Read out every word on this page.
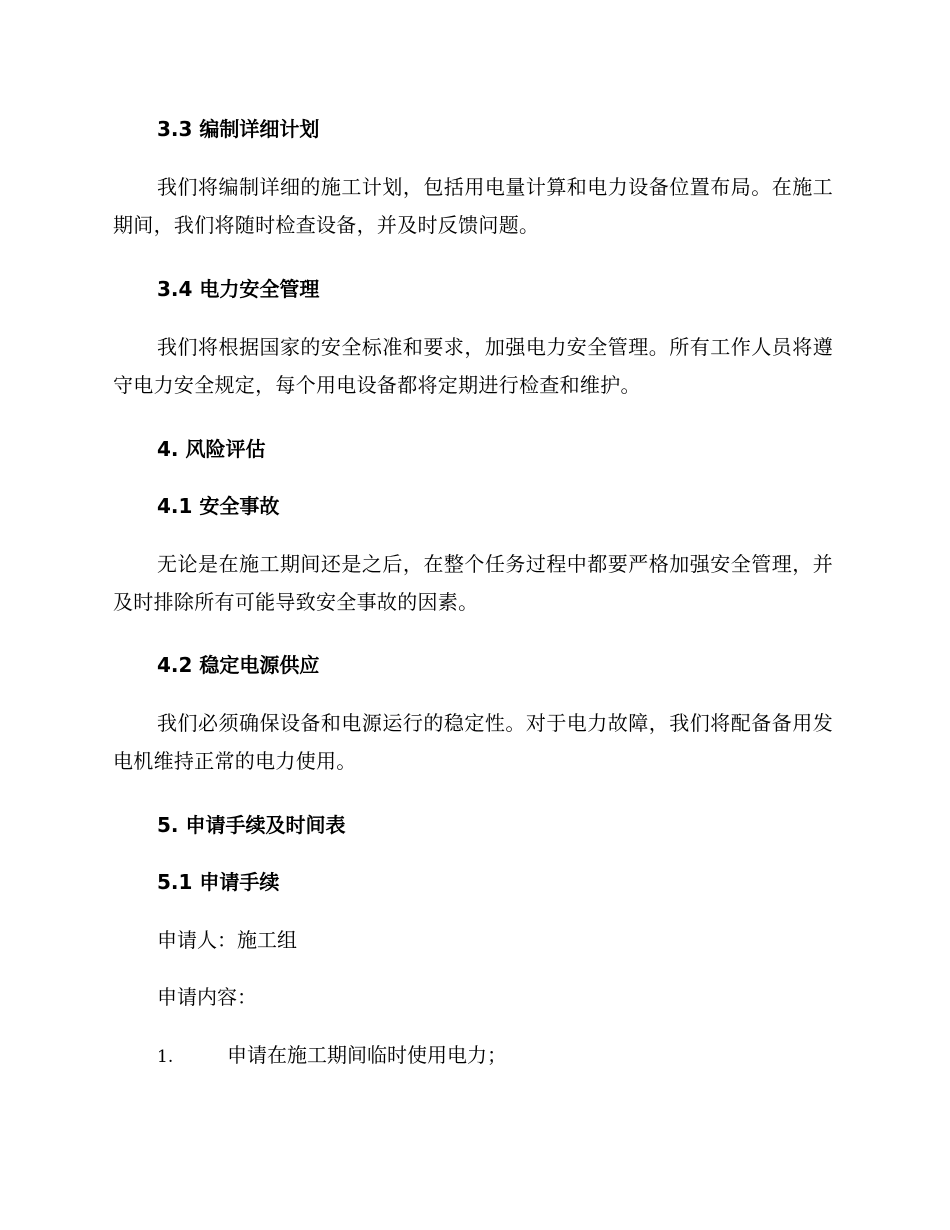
3.3 编制详细计划
我们将编制详细的施工计划，包括用电量计算和电力设备位置布局。在施工期间，我们将随时检查设备，并及时反馈问题。
3.4 电力安全管理
我们将根据国家的安全标准和要求，加强电力安全管理。所有工作人员将遵守电力安全规定，每个用电设备都将定期进行检查和维护。
4. 风险评估
4.1 安全事故
无论是在施工期间还是之后，在整个任务过程中都要严格加强安全管理，并及时排除所有可能导致安全事故的因素。
4.2 稳定电源供应
我们必须确保设备和电源运行的稳定性。对于电力故障，我们将配备备用发电机维持正常的电力使用。
5. 申请手续及时间表
5.1 申请手续
申请人：施工组
申请内容：
1.	申请在施工期间临时使用电力；
